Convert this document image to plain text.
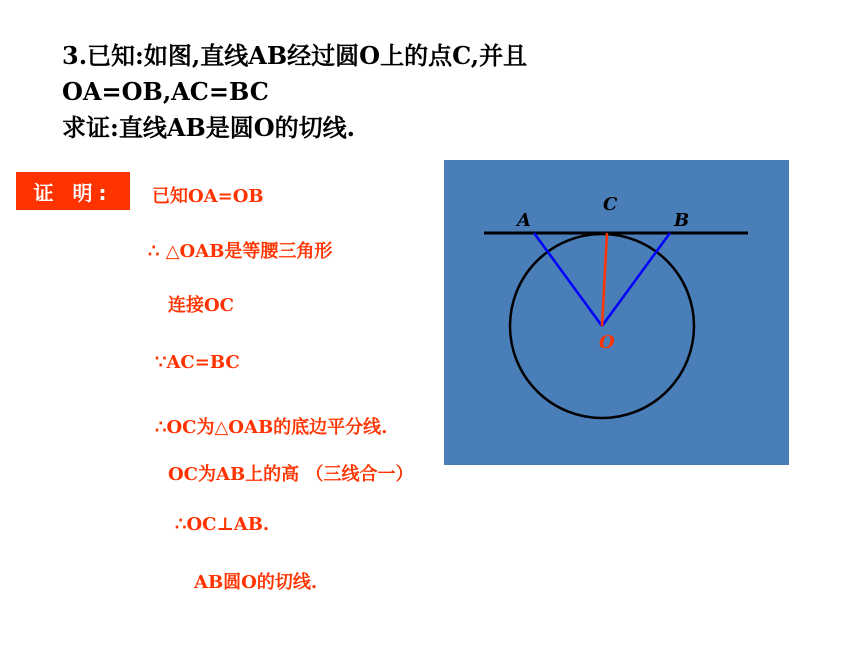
3.已知:如图,直线AB经过圆O上的点C,并且
OA=OB,AC=BC
求证:直线AB是圆O的切线.
证 明:	已知OA=OB
∴ △OAB是等腰三角形
连接OC
∵AC=BC
∴OC为△OAB的底边平分线.
OC为AB上的高 （三线合一）
∴OC⊥AB.
AB圆O的切线.
A
C
B
O
